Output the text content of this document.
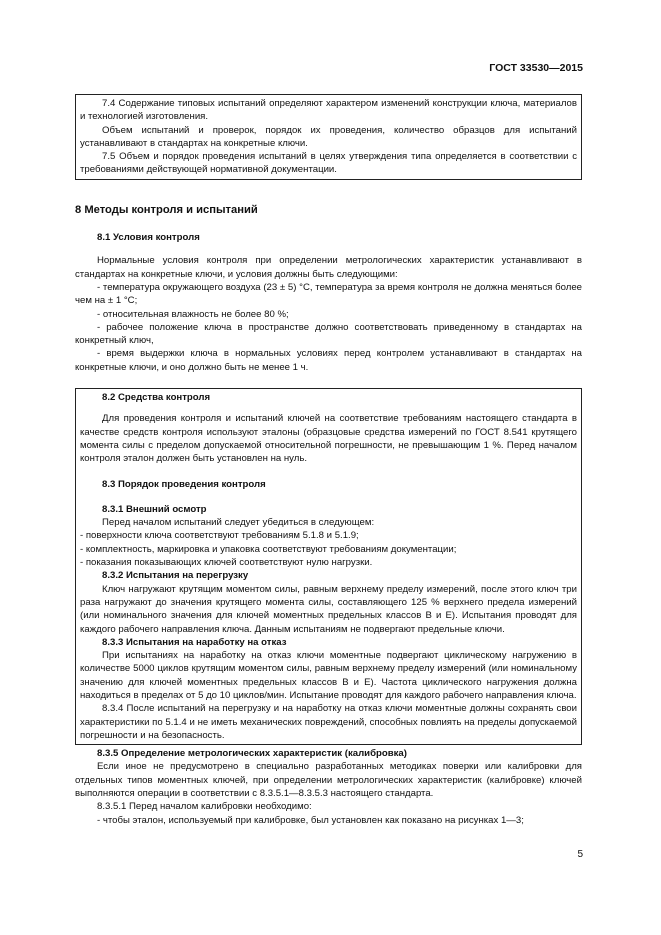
ГОСТ 33530—2015

7.4 Содержание типовых испытаний определяют характером изменений конструкции ключа, материалов и технологией изготовления.

Объем испытаний и проверок, порядок их проведения, количество образцов для испытаний устанавливают в стандартах на конкретные ключи.

7.5 Объем и порядок проведения испытаний в целях утверждения типа определяется в соответствии с требованиями действующей нормативной документации.

8 Методы контроля и испытаний

8.1 Условия контроля

Нормальные условия контроля при определении метрологических характеристик устанавливают в стандартах на конкретные ключи, и условия должны быть следующими:

- температура окружающего воздуха (23 ± 5) °С, температура за время контроля не должна меняться более чем на ± 1 °С;

- относительная влажность не более 80 %;

- рабочее положение ключа в пространстве должно соответствовать приведенному в стандартах на конкретный ключ,

- время выдержки ключа в нормальных условиях перед контролем устанавливают в стандартах на конкретные ключи, и оно должно быть не менее 1 ч.

8.2 Средства контроля

Для проведения контроля и испытаний ключей на соответствие требованиям настоящего стандарта в качестве средств контроля используют эталоны (образцовые средства измерений по ГОСТ 8.541 крутящего момента силы с пределом допускаемой относительной погрешности, не превышающим 1 %. Перед началом контроля эталон должен быть установлен на нуль.

8.3 Порядок проведения контроля

8.3.1 Внешний осмотр

Перед началом испытаний следует убедиться в следующем:

- поверхности ключа соответствуют требованиям 5.1.8 и 5.1.9;

- комплектность, маркировка и упаковка соответствуют требованиям документации;

- показания показывающих ключей соответствуют нулю нагрузки.

8.3.2 Испытания на перегрузку

Ключ нагружают крутящим моментом силы, равным верхнему пределу измерений, после этого ключ три раза нагружают до значения крутящего момента силы, составляющего 125 % верхнего предела измерений (или номинального значения для ключей моментных предельных классов В и Е). Испытания проводят для каждого рабочего направления ключа. Данным испытаниям не подвергают предельные ключи.

8.3.3 Испытания на наработку на отказ

При испытаниях на наработку на отказ ключи моментные подвергают циклическому нагружению в количестве 5000 циклов крутящим моментом силы, равным верхнему пределу измерений (или номинальному значению для ключей моментных предельных классов В и Е). Частота циклического нагружения должна находиться в пределах от 5 до 10 циклов/мин. Испытание проводят для каждого рабочего направления ключа.

8.3.4 После испытаний на перегрузку и на наработку на отказ ключи моментные должны сохранять свои характеристики по 5.1.4 и не иметь механических повреждений, способных повлиять на пределы допускаемой погрешности и на безопасность.

8.3.5 Определение метрологических характеристик (калибровка)

Если иное не предусмотрено в специально разработанных методиках поверки или калибровки для отдельных типов моментных ключей, при определении метрологических характеристик (калибровке) ключей выполняются операции в соответствии с 8.3.5.1—8.3.5.3 настоящего стандарта.

8.3.5.1 Перед началом калибровки необходимо:

- чтобы эталон, используемый при калибровке, был установлен как показано на рисунках 1—3;

5
